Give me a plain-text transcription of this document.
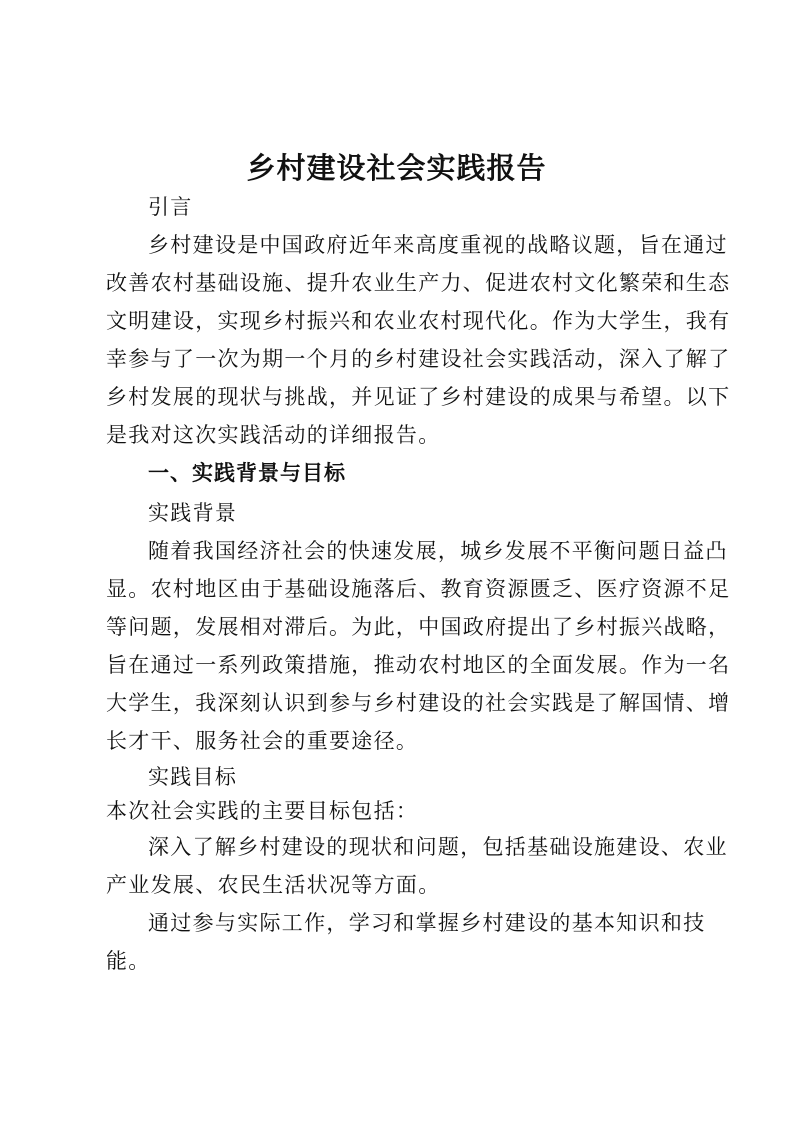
乡村建设社会实践报告
引言
乡村建设是中国政府近年来高度重视的战略议题，旨在通过
改善农村基础设施、提升农业生产力、促进农村文化繁荣和生态
文明建设，实现乡村振兴和农业农村现代化。作为大学生，我有
幸参与了一次为期一个月的乡村建设社会实践活动，深入了解了
乡村发展的现状与挑战，并见证了乡村建设的成果与希望。以下
是我对这次实践活动的详细报告。
一、实践背景与目标
实践背景
随着我国经济社会的快速发展，城乡发展不平衡问题日益凸
显。农村地区由于基础设施落后、教育资源匮乏、医疗资源不足
等问题，发展相对滞后。为此，中国政府提出了乡村振兴战略，
旨在通过一系列政策措施，推动农村地区的全面发展。作为一名
大学生，我深刻认识到参与乡村建设的社会实践是了解国情、增
长才干、服务社会的重要途径。
实践目标
本次社会实践的主要目标包括：
深入了解乡村建设的现状和问题，包括基础设施建设、农业
产业发展、农民生活状况等方面。
通过参与实际工作，学习和掌握乡村建设的基本知识和技
能。
